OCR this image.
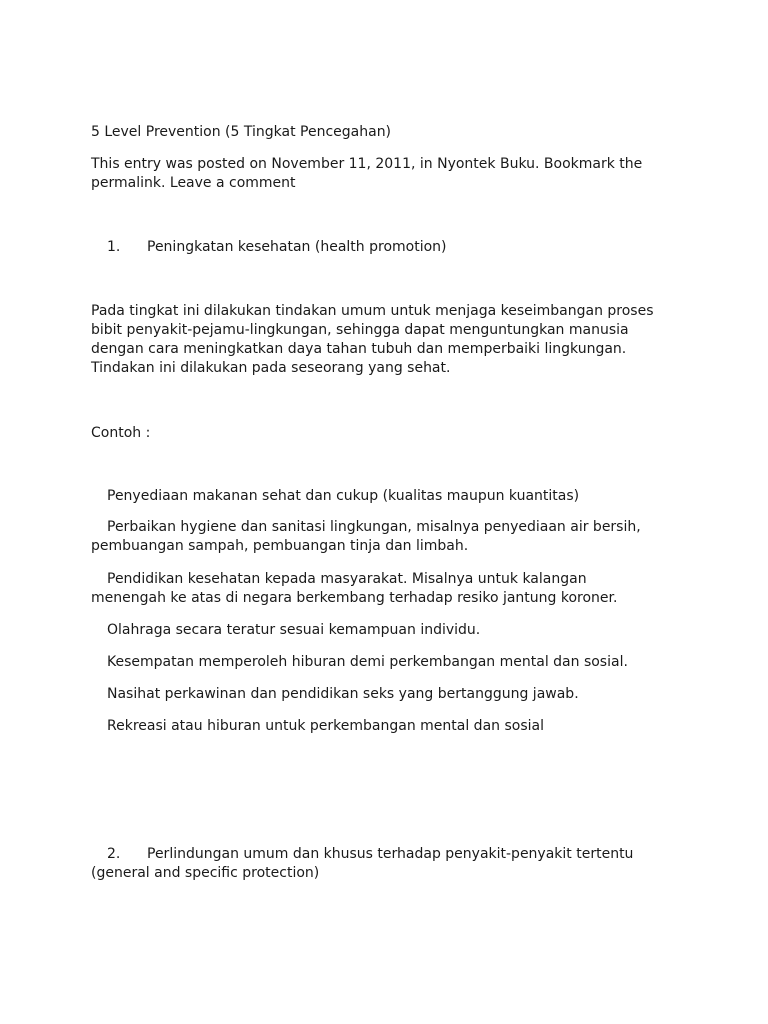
5 Level Prevention (5 Tingkat Pencegahan)

This entry was posted on November 11, 2011, in Nyontek Buku. Bookmark the permalink. Leave a comment

1. Peningkatan kesehatan (health promotion)

Pada tingkat ini dilakukan tindakan umum untuk menjaga keseimbangan proses bibit penyakit-pejamu-lingkungan, sehingga dapat menguntungkan manusia dengan cara meningkatkan daya tahan tubuh dan memperbaiki lingkungan. Tindakan ini dilakukan pada seseorang yang sehat.

Contoh :

Penyediaan makanan sehat dan cukup (kualitas maupun kuantitas)

Perbaikan hygiene dan sanitasi lingkungan, misalnya penyediaan air bersih, pembuangan sampah, pembuangan tinja dan limbah.

Pendidikan kesehatan kepada masyarakat. Misalnya untuk kalangan menengah ke atas di negara berkembang terhadap resiko jantung koroner.

Olahraga secara teratur sesuai kemampuan individu.

Kesempatan memperoleh hiburan demi perkembangan mental dan sosial.

Nasihat perkawinan dan pendidikan seks yang bertanggung jawab.

Rekreasi atau hiburan untuk perkembangan mental dan sosial

2. Perlindungan umum dan khusus terhadap penyakit-penyakit tertentu (general and specific protection)
